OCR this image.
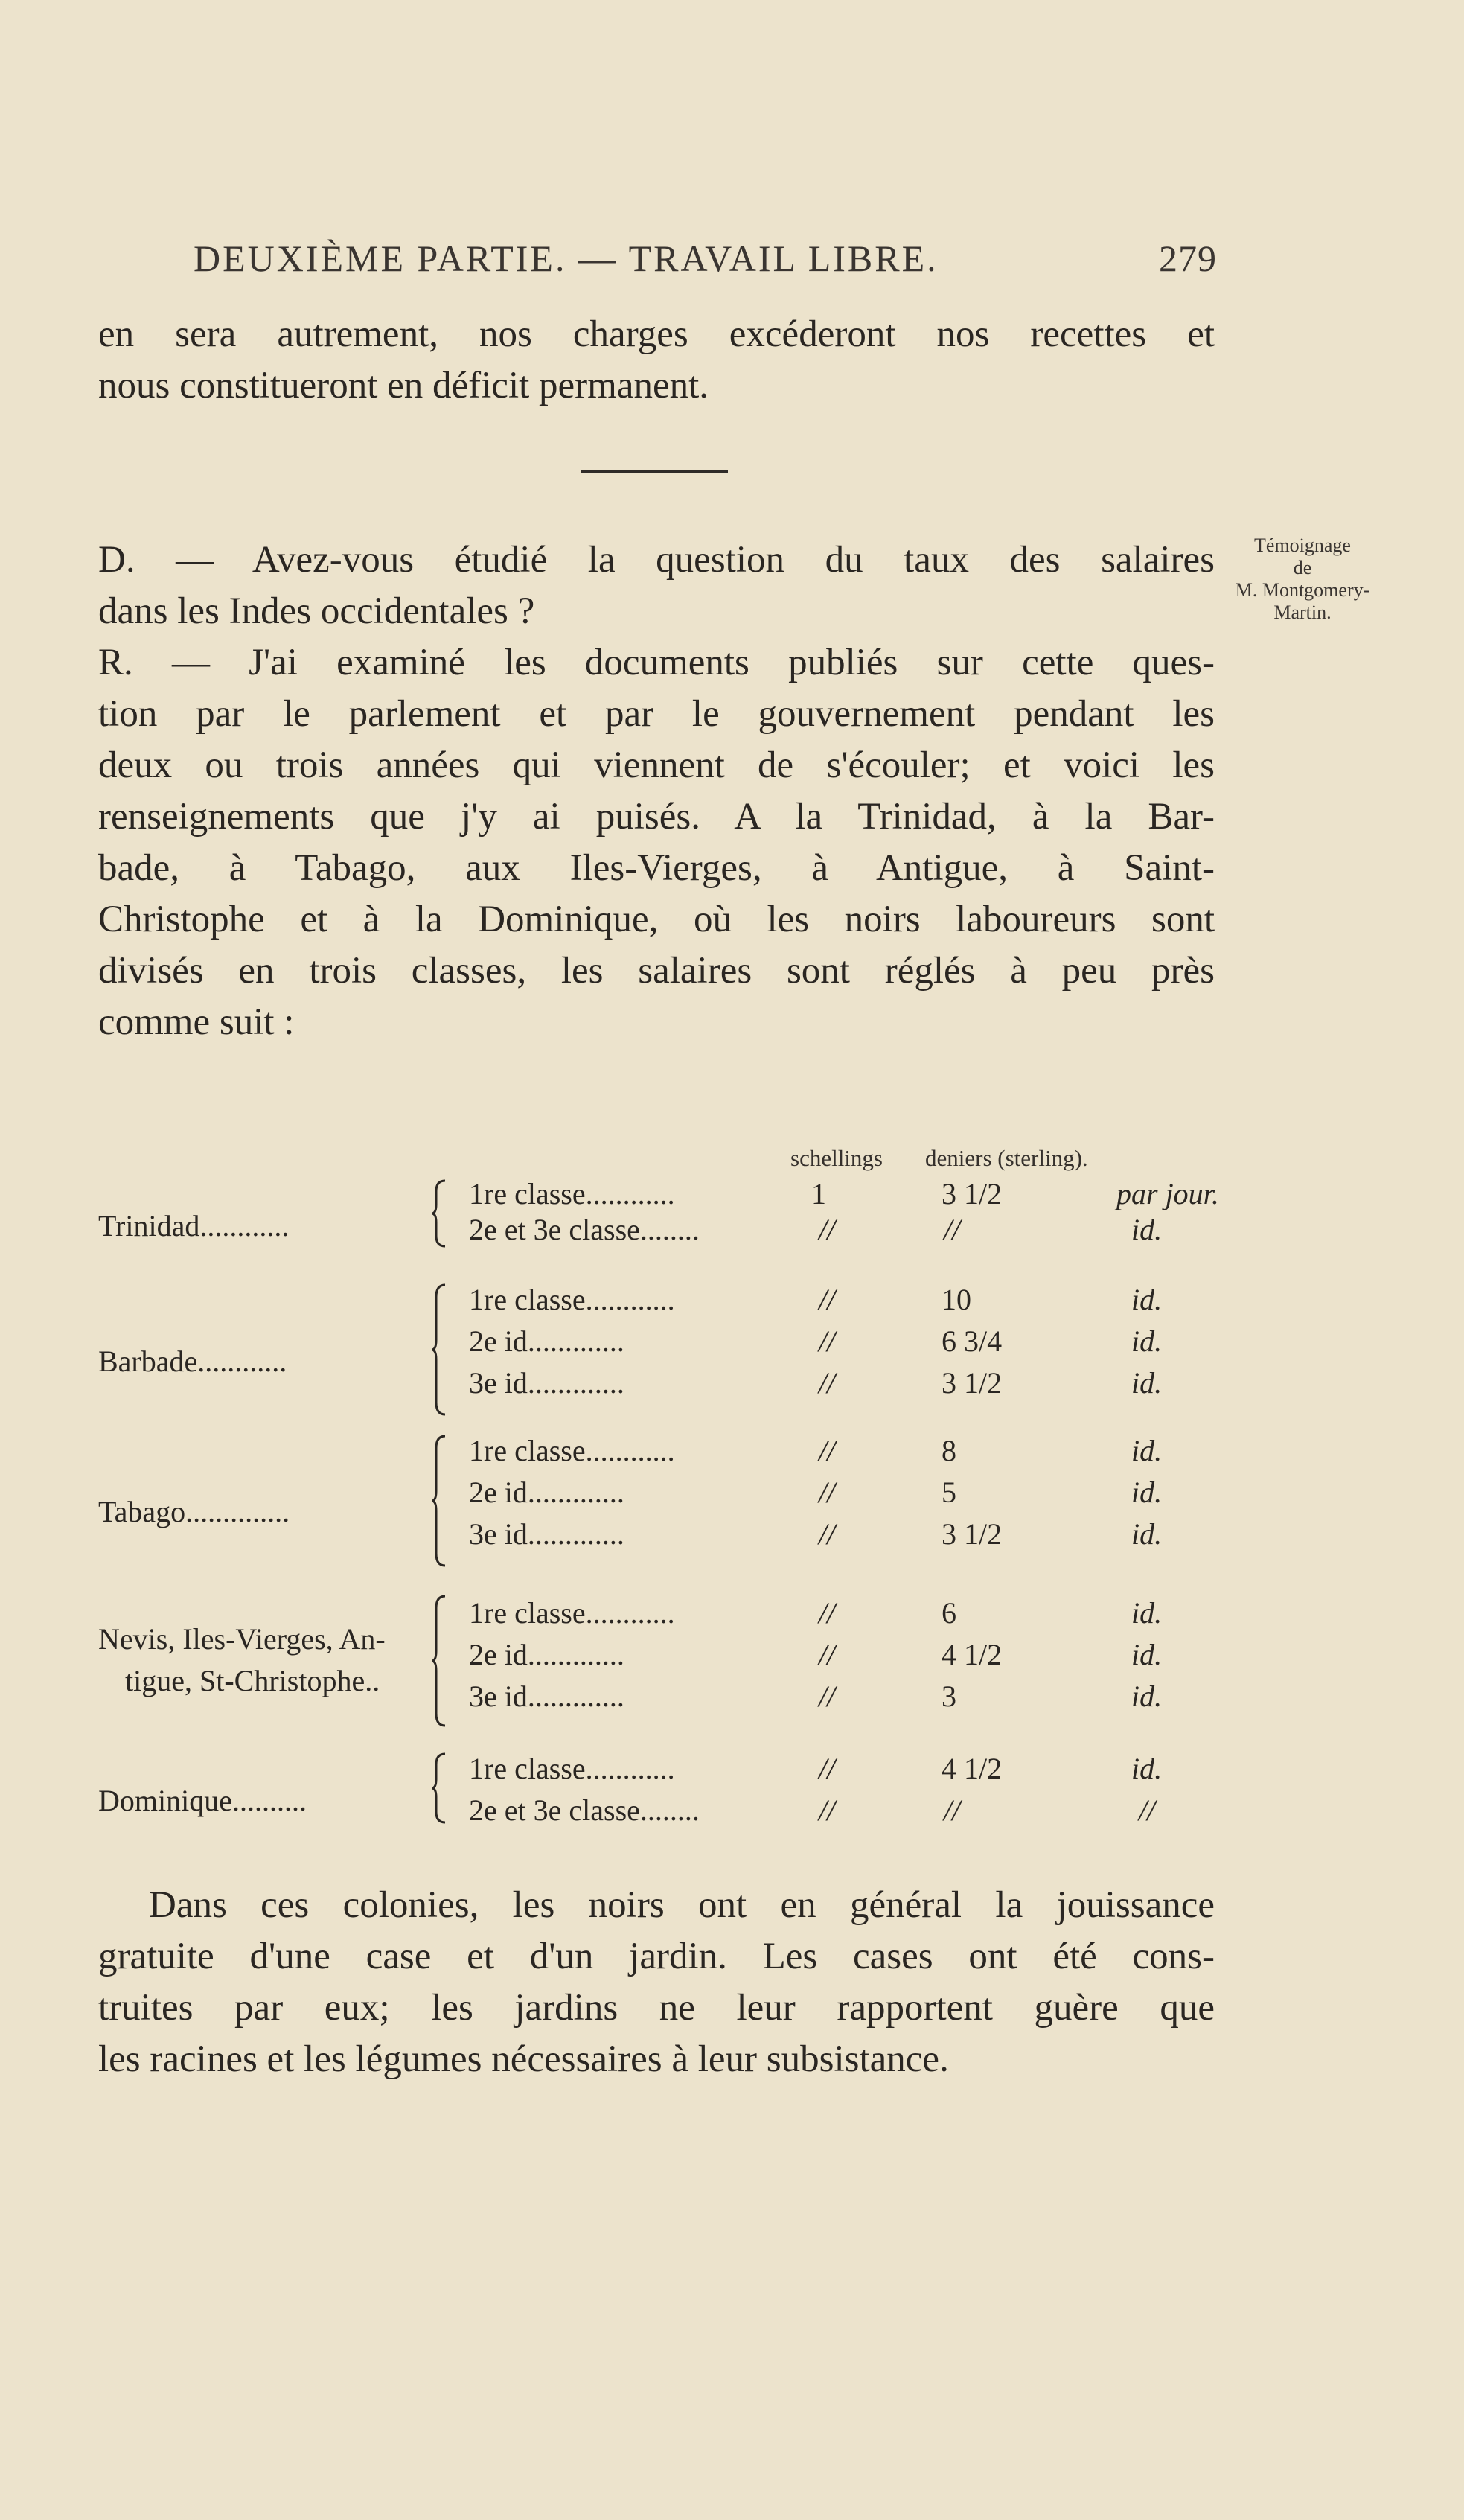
DEUXIÈME PARTIE. — TRAVAIL LIBRE.	279
en sera autrement, nos charges excéderont nos recettes et
nous constitueront en déficit permanent.
D. — Avez-vous étudié la question du taux des salaires
dans les Indes occidentales ?
R. — J'ai examiné les documents publiés sur cette ques-
tion par le parlement et par le gouvernement pendant les
deux ou trois années qui viennent de s'écouler; et voici les
renseignements que j'y ai puisés. A la Trinidad, à la Bar-
bade, à Tabago, aux Iles-Vierges, à Antigue, à Saint-
Christophe et à la Dominique, où les noirs laboureurs sont
divisés en trois classes, les salaires sont réglés à peu près
comme suit :
Témoignage
de
M. Montgomery-
Martin.
schellings deniers (sterling).
Trinidad............
1re classe............	1	3 1/2	par jour.
2e et 3e classe........	//	//	id.
Barbade............
1re classe............	//	10	id.
2e id.............	//	6 3/4	id.
3e id.............	//	3 1/2	id.
Tabago..............
1re classe............	//	8	id.
2e id.............	//	5	id.
3e id.............	//	3 1/2	id.
Nevis, Iles-Vierges, An-
tigue, St-Christophe..
1re classe............	//	6	id.
2e id.............	//	4 1/2	id.
3e id.............	//	3	id.
Dominique..........
1re classe............	//	4 1/2	id.
2e et 3e classe........	//	//	//
Dans ces colonies, les noirs ont en général la jouissance
gratuite d'une case et d'un jardin. Les cases ont été cons-
truites par eux; les jardins ne leur rapportent guère que
les racines et les légumes nécessaires à leur subsistance.
